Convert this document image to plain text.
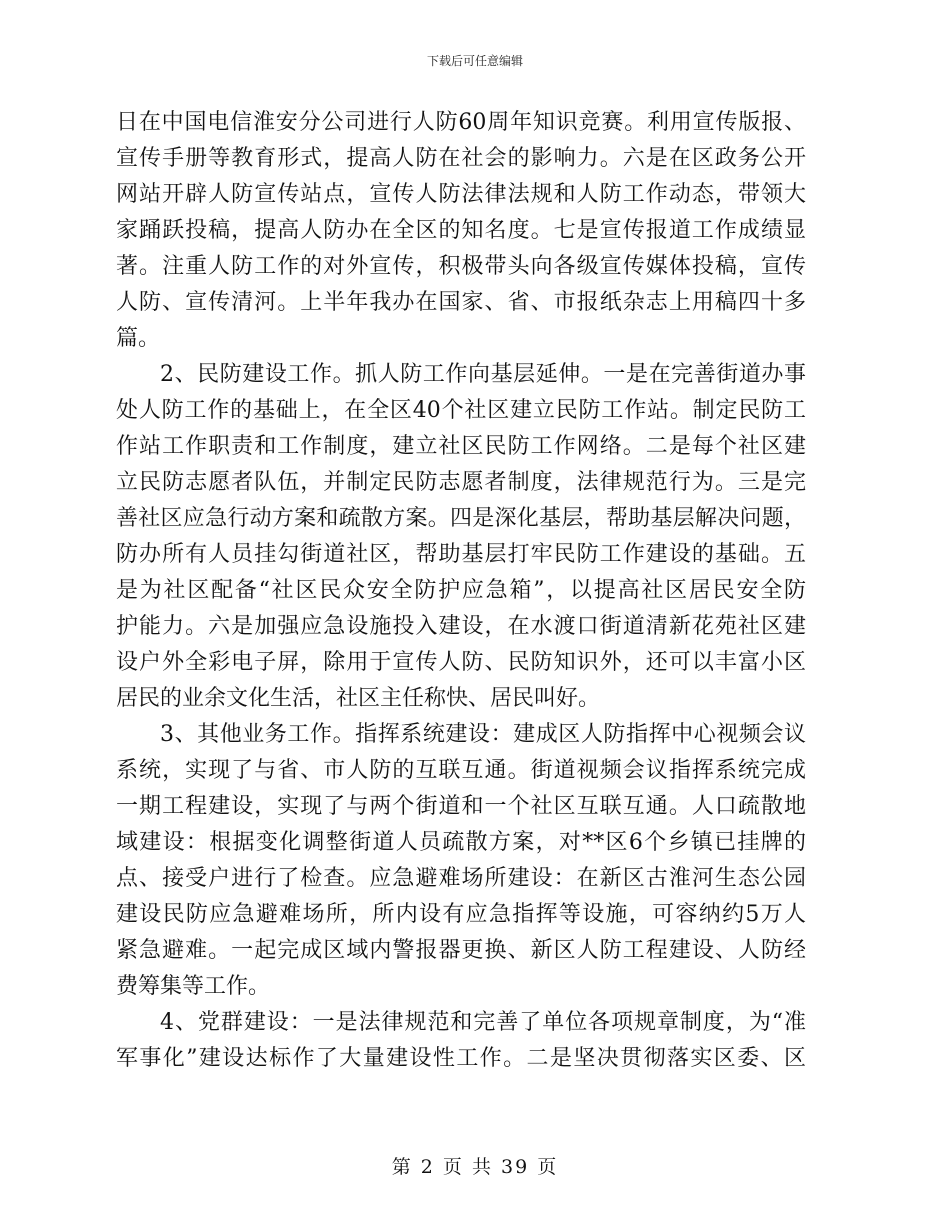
下载后可任意编辑
日在中国电信淮安分公司进行人防60周年知识竞赛。利用宣传版报、
宣传手册等教育形式，提高人防在社会的影响力。六是在区政务公开
网站开辟人防宣传站点，宣传人防法律法规和人防工作动态，带领大
家踊跃投稿，提高人防办在全区的知名度。七是宣传报道工作成绩显
著。注重人防工作的对外宣传，积极带头向各级宣传媒体投稿，宣传
人防、宣传清河。上半年我办在国家、省、市报纸杂志上用稿四十多
篇。
2、民防建设工作。抓人防工作向基层延伸。一是在完善街道办事
处人防工作的基础上，在全区40个社区建立民防工作站。制定民防工
作站工作职责和工作制度，建立社区民防工作网络。二是每个社区建
立民防志愿者队伍，并制定民防志愿者制度，法律规范行为。三是完
善社区应急行动方案和疏散方案。四是深化基层，帮助基层解决问题，
防办所有人员挂勾街道社区，帮助基层打牢民防工作建设的基础。五
是为社区配备“社区民众安全防护应急箱”，以提高社区居民安全防
护能力。六是加强应急设施投入建设，在水渡口街道清新花苑社区建
设户外全彩电子屏，除用于宣传人防、民防知识外，还可以丰富小区
居民的业余文化生活，社区主任称快、居民叫好。
3、其他业务工作。指挥系统建设：建成区人防指挥中心视频会议
系统，实现了与省、市人防的互联互通。街道视频会议指挥系统完成
一期工程建设，实现了与两个街道和一个社区互联互通。人口疏散地
域建设：根据变化调整街道人员疏散方案，对**区6个乡镇已挂牌的
点、接受户进行了检查。应急避难场所建设：在新区古淮河生态公园
建设民防应急避难场所，所内设有应急指挥等设施，可容纳约5万人
紧急避难。一起完成区域内警报器更换、新区人防工程建设、人防经
费筹集等工作。
4、党群建设：一是法律规范和完善了单位各项规章制度，为“准
军事化”建设达标作了大量建设性工作。二是坚决贯彻落实区委、区
第 2 页 共 39 页
